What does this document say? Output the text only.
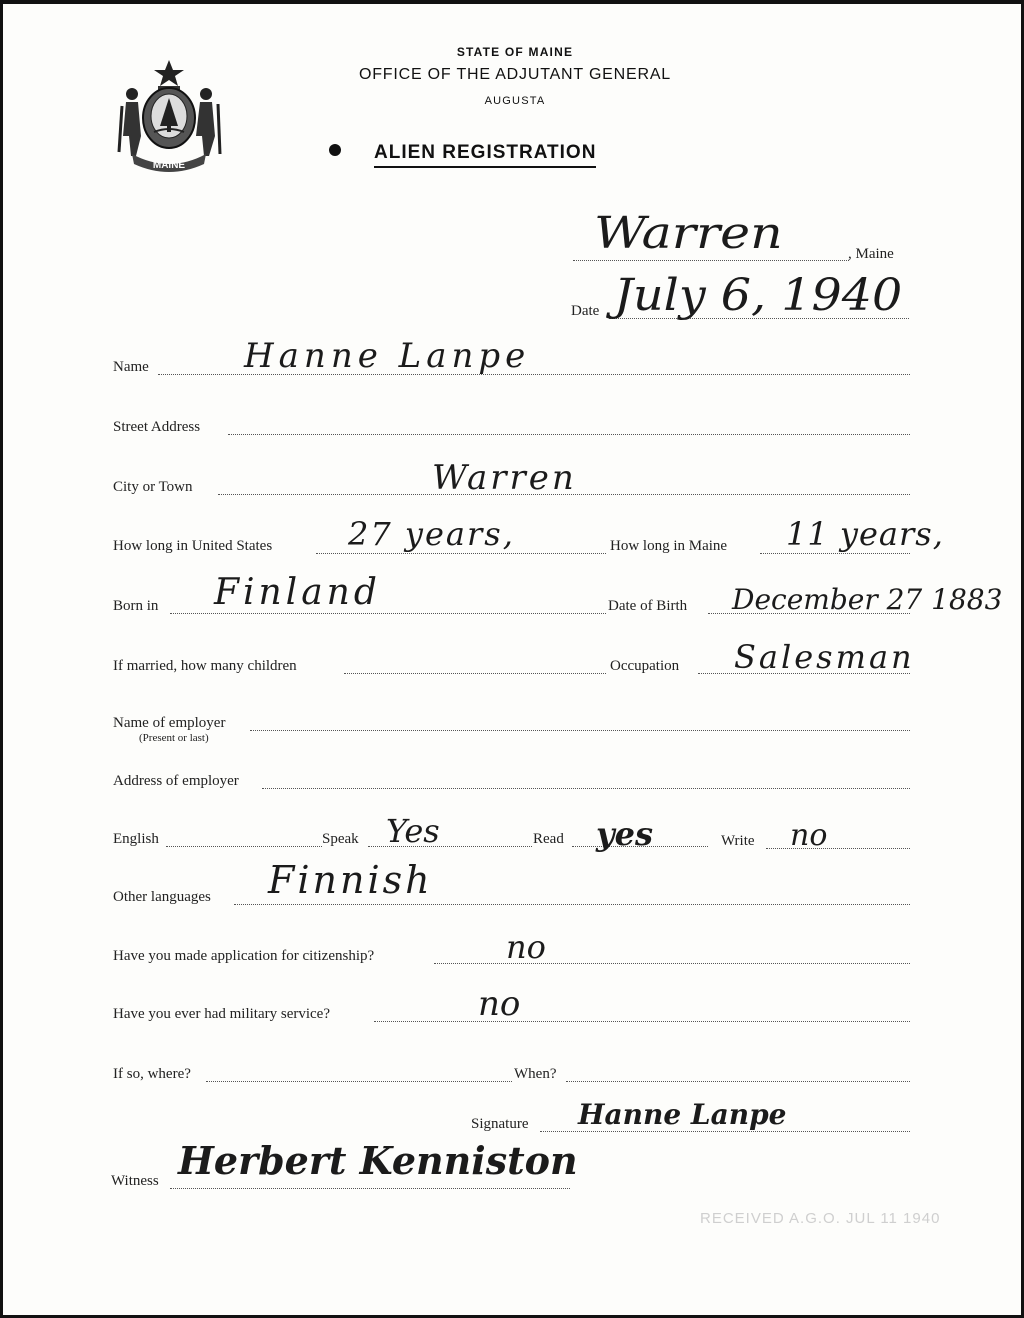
MAINE
STATE OF MAINE
OFFICE OF THE ADJUTANT GENERAL
AUGUSTA
ALIEN REGISTRATION
Warren	, Maine
Date July 6, 1940
Name	Hanne Lanpe
Street Address
City or Town	Warren
How long in United States 27 years,	How long in Maine 11 years,
Born in Finland	Date of Birth December 27 1883
If married, how many children	Occupation Salesman
Name of employer
(Present or last)
Address of employer
English	Speak Yes	Read yes	Write no
Other languages Finnish
Have you made application for citizenship?	no
Have you ever had military service?	no
If so, where?	When?
Signature Hanne Lanpe
Witness Herbert Kenniston
RECEIVED A.G.O. JUL 11 1940
